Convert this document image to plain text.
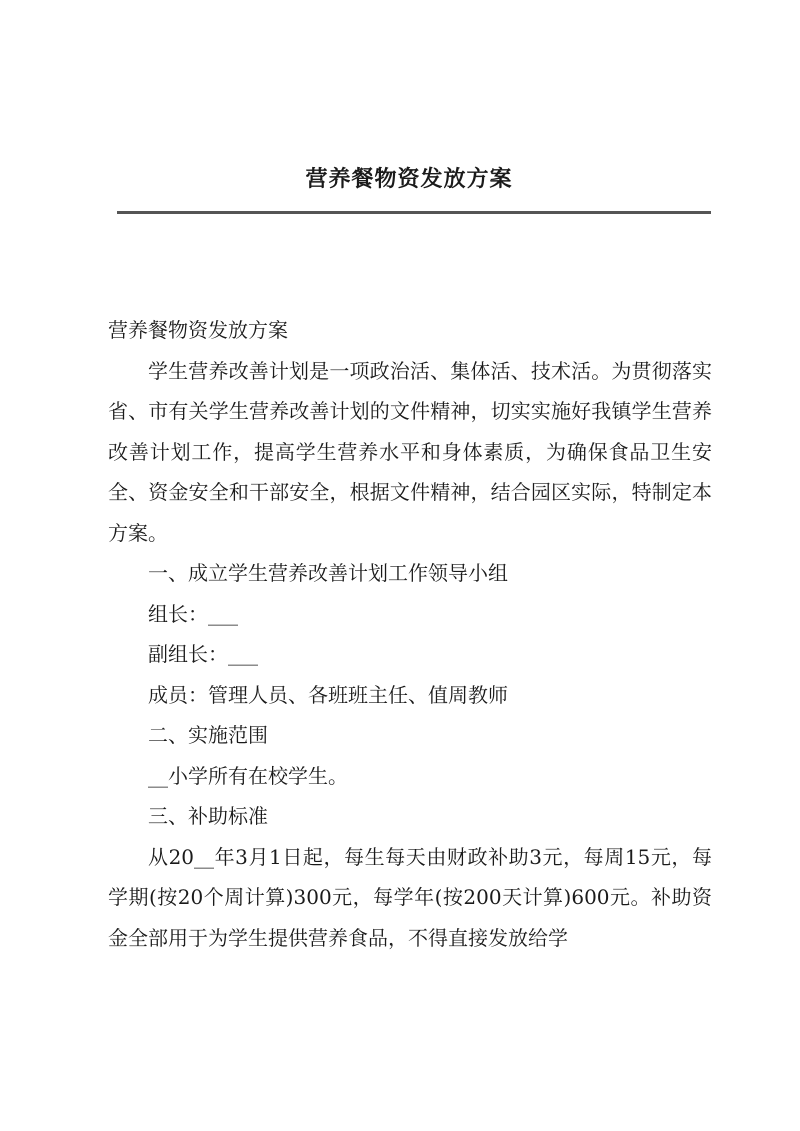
营养餐物资发放方案

营养餐物资发放方案

学生营养改善计划是一项政治活、集体活、技术活。为贯彻落实省、市有关学生营养改善计划的文件精神，切实实施好我镇学生营养改善计划工作，提高学生营养水平和身体素质，为确保食品卫生安全、资金安全和干部安全，根据文件精神，结合园区实际，特制定本方案。

一、成立学生营养改善计划工作领导小组

组长：___

副组长：___

成员：管理人员、各班班主任、值周教师

二、实施范围

__小学所有在校学生。

三、补助标准

从20__年3月1日起，每生每天由财政补助3元，每周15元，每学期(按20个周计算)300元，每学年(按200天计算)600元。补助资金全部用于为学生提供营养食品，不得直接发放给学
